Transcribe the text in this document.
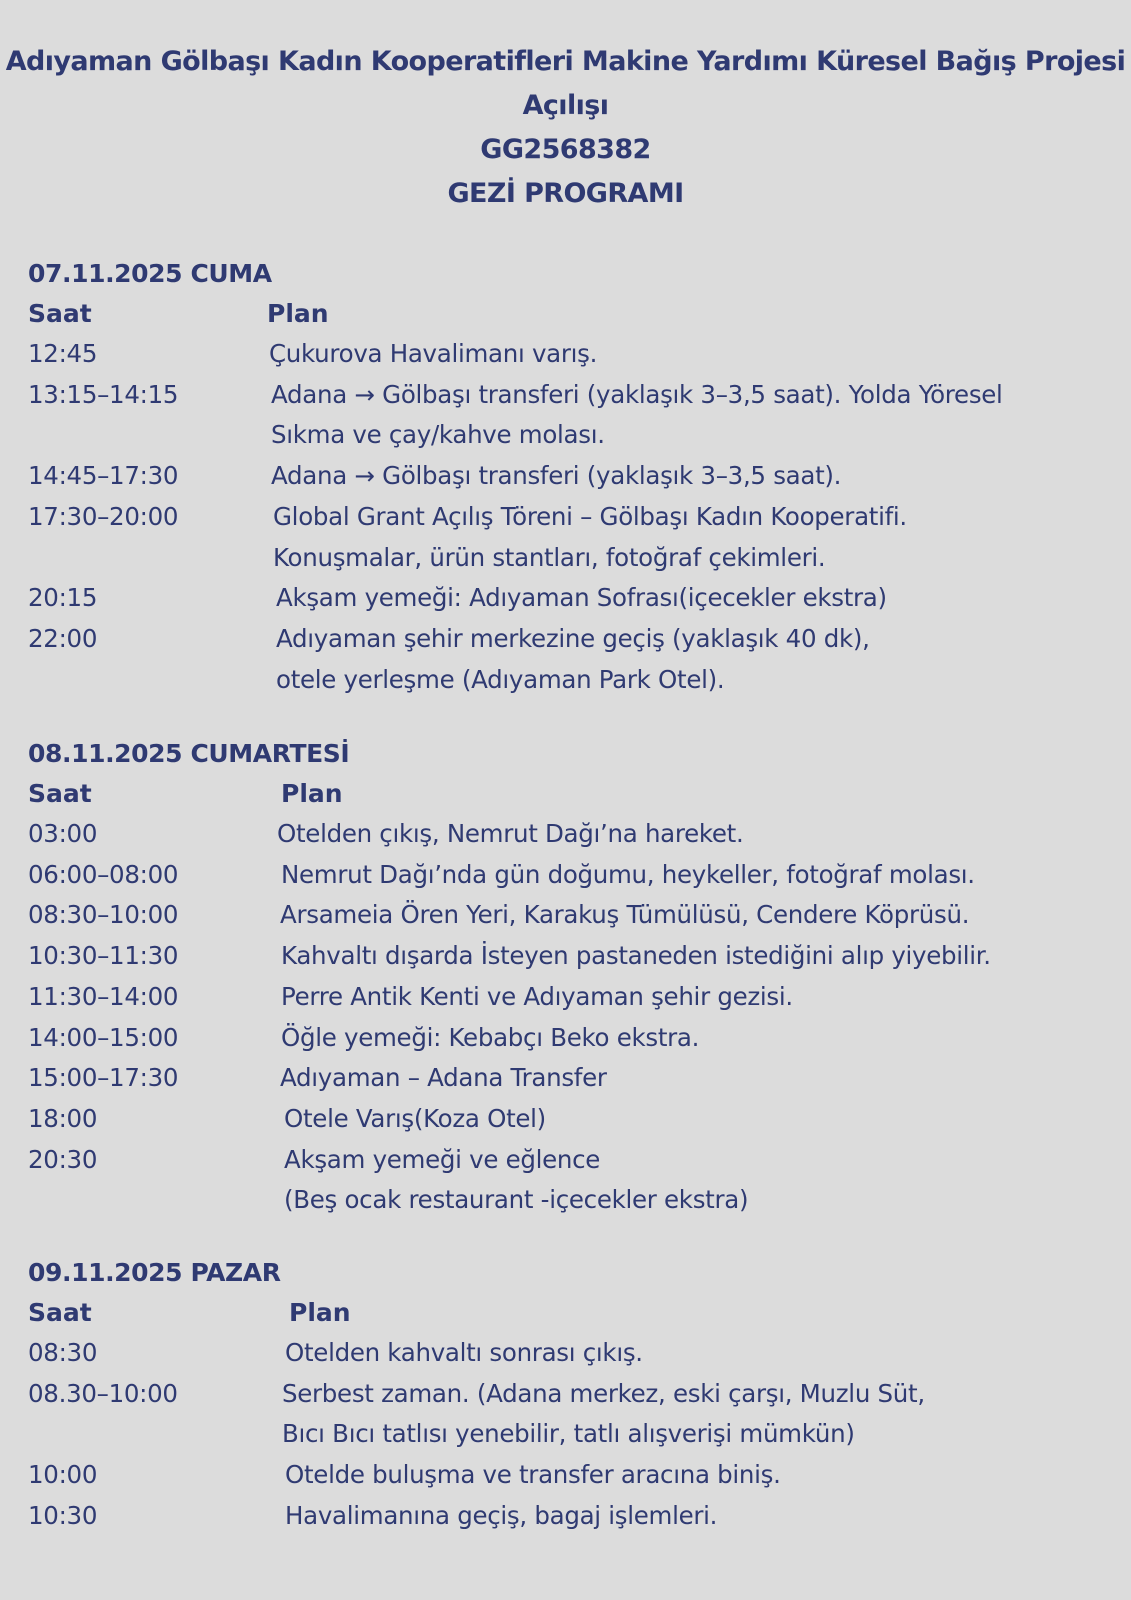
Adıyaman Gölbaşı Kadın Kooperatifleri Makine Yardımı Küresel Bağış Projesi
Açılışı
GG2568382
GEZİ PROGRAMI
07.11.2025 CUMA
Saat	Plan
12:45	Çukurova Havalimanı varış.
13:15–14:15	Adana → Gölbaşı transferi (yaklaşık 3–3,5 saat). Yolda Yöresel
Sıkma ve çay/kahve molası.
14:45–17:30	Adana → Gölbaşı transferi (yaklaşık 3–3,5 saat).
17:30–20:00	Global Grant Açılış Töreni – Gölbaşı Kadın Kooperatifi.
Konuşmalar, ürün stantları, fotoğraf çekimleri.
20:15	Akşam yemeği: Adıyaman Sofrası(içecekler ekstra)
22:00	Adıyaman şehir merkezine geçiş (yaklaşık 40 dk),
otele yerleşme (Adıyaman Park Otel).
08.11.2025 CUMARTESİ
Saat	Plan
03:00	Otelden çıkış, Nemrut Dağı’na hareket.
06:00–08:00	Nemrut Dağı’nda gün doğumu, heykeller, fotoğraf molası.
08:30–10:00	Arsameia Ören Yeri, Karakuş Tümülüsü, Cendere Köprüsü.
10:30–11:30	Kahvaltı dışarda İsteyen pastaneden istediğini alıp yiyebilir.
11:30–14:00	Perre Antik Kenti ve Adıyaman şehir gezisi.
14:00–15:00	Öğle yemeği: Kebabçı Beko ekstra.
15:00–17:30	Adıyaman – Adana Transfer
18:00	Otele Varış(Koza Otel)
20:30	Akşam yemeği ve eğlence
(Beş ocak restaurant -içecekler ekstra)
09.11.2025 PAZAR
Saat	Plan
08:30	Otelden kahvaltı sonrası çıkış.
08.30–10:00	Serbest zaman. (Adana merkez, eski çarşı, Muzlu Süt,
Bıcı Bıcı tatlısı yenebilir, tatlı alışverişi mümkün)
10:00	Otelde buluşma ve transfer aracına biniş.
10:30	Havalimanına geçiş, bagaj işlemleri.
